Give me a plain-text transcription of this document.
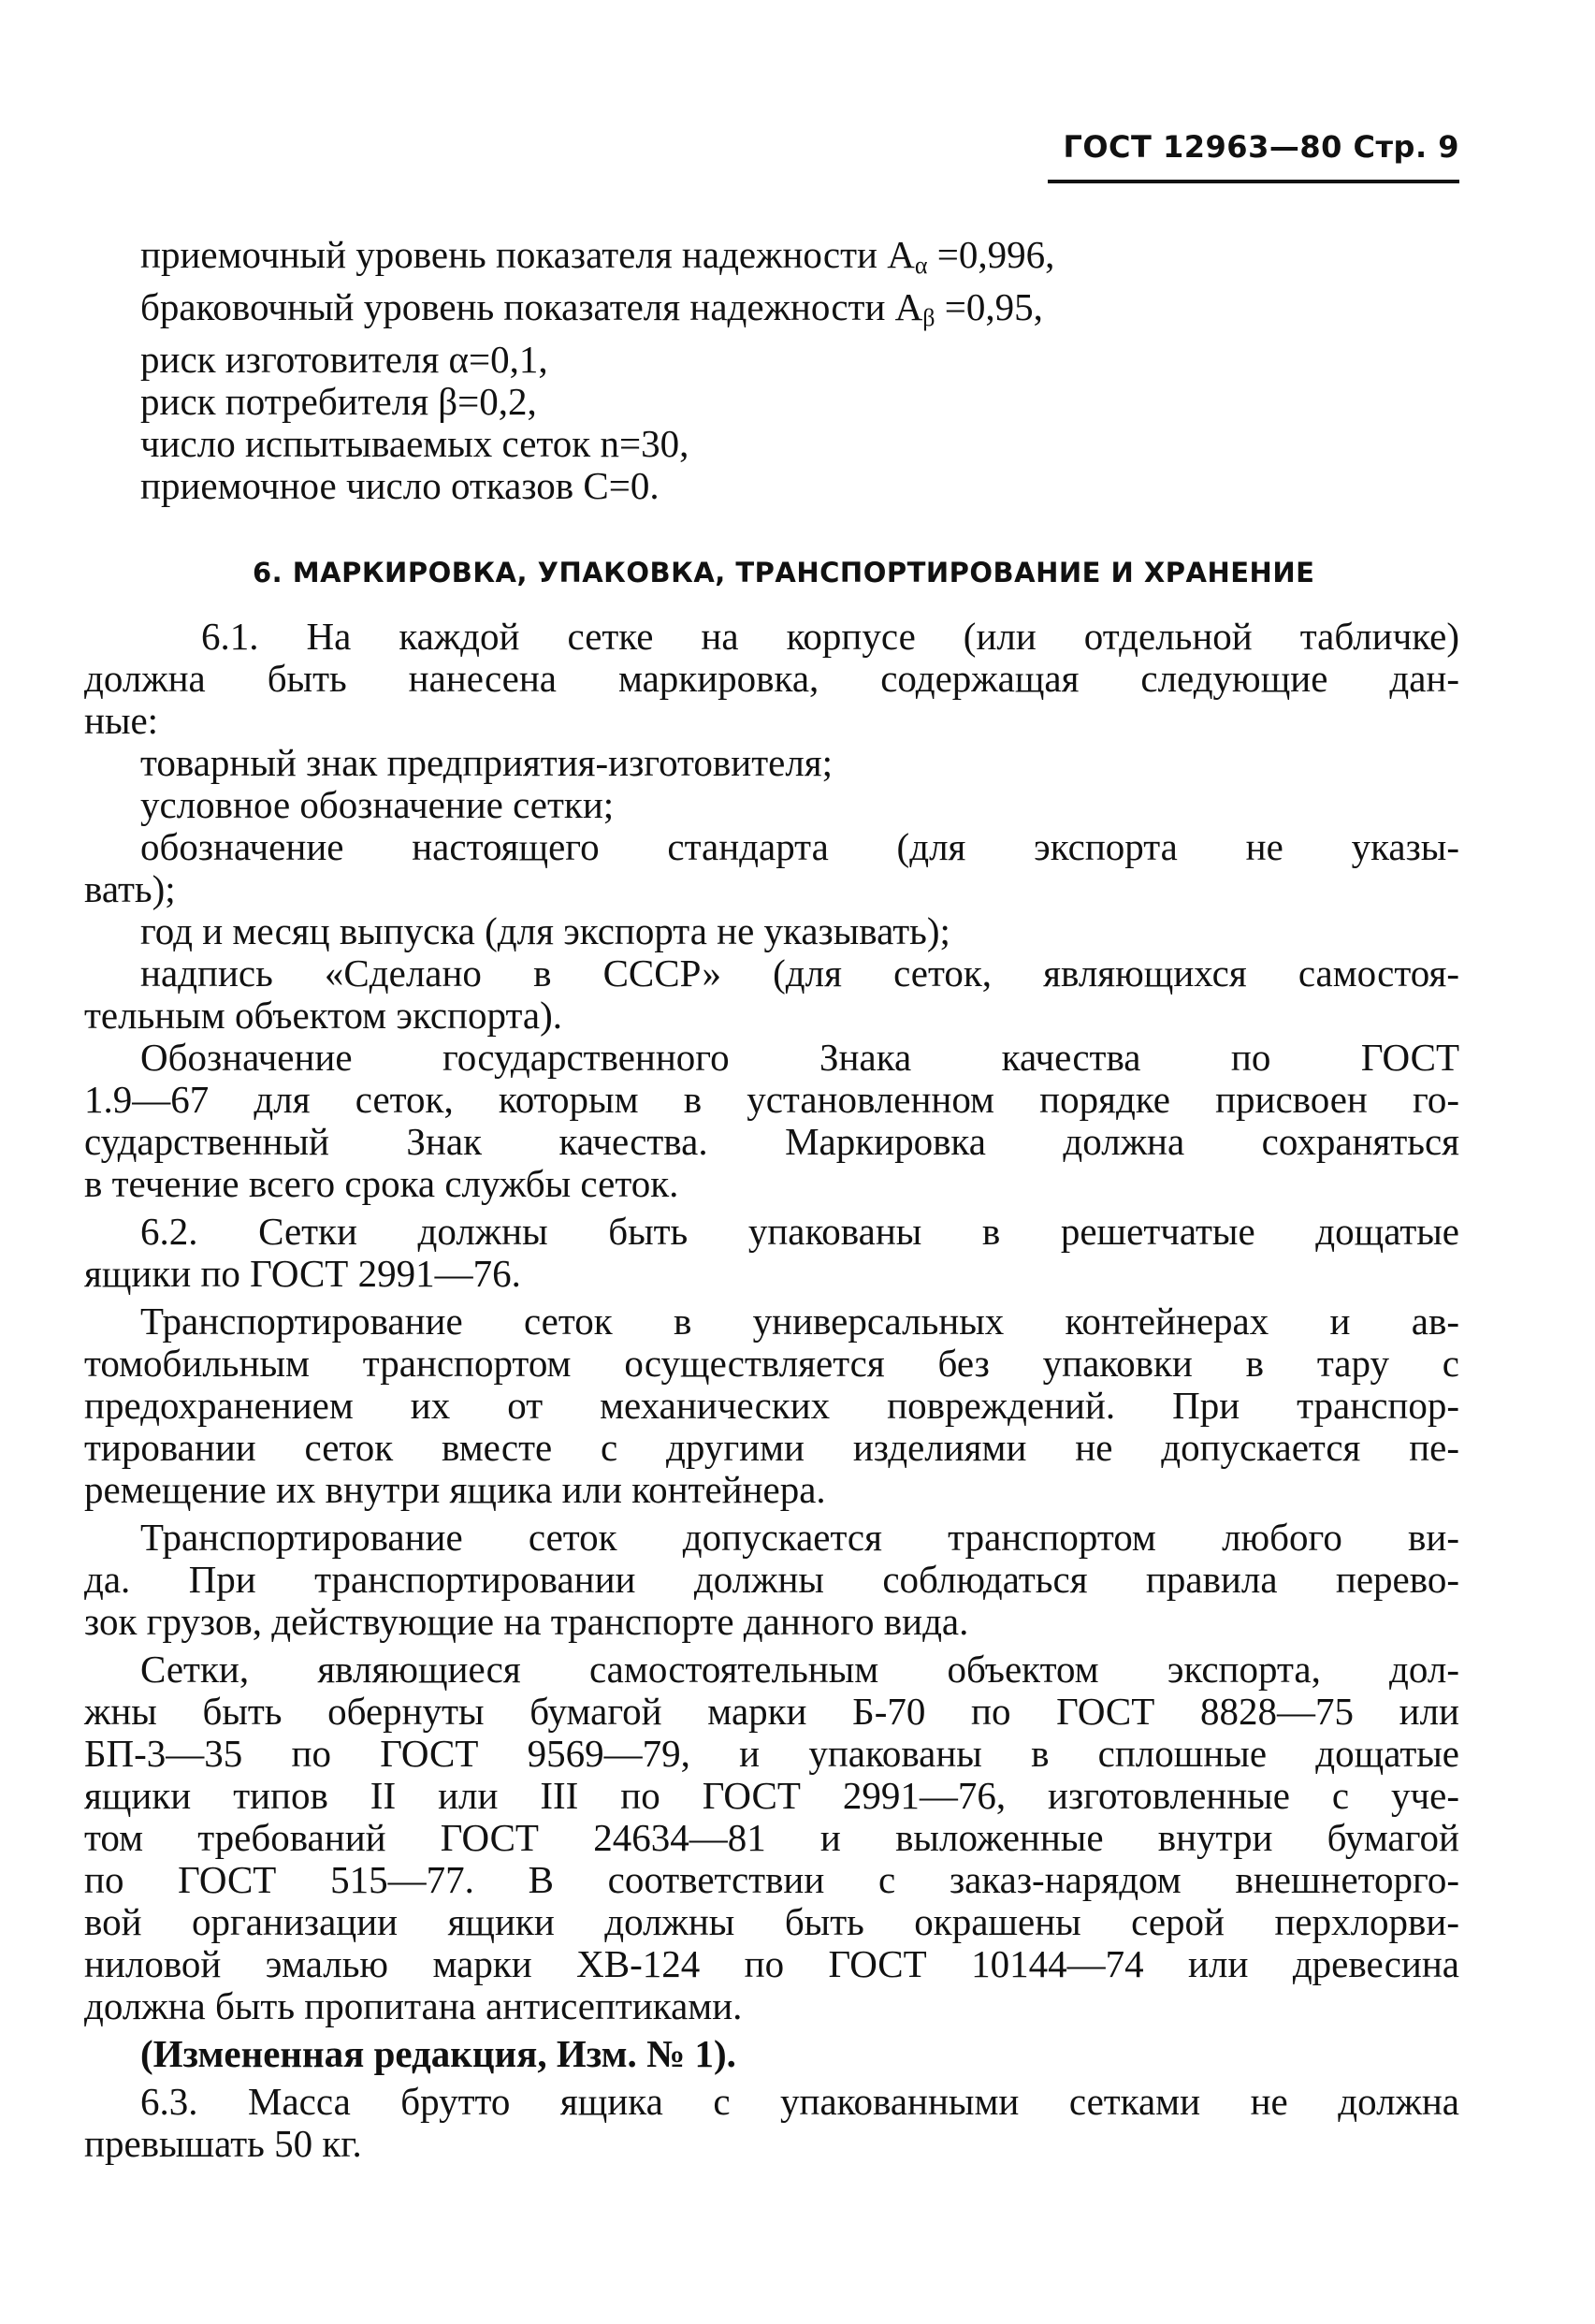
ГОСТ 12963—80 Стр. 9
приемочный уровень показателя надежности $A_\alpha =0,996$,
браковочный уровень показателя надежности $A_\beta =0,95$,
риск изготовителя α=0,1,
риск потребителя β=0,2,
число испытываемых сеток n=30,
приемочное число отказов C=0.
6. МАРКИРОВКА, УПАКОВКА, ТРАНСПОРТИРОВАНИЕ И ХРАНЕНИЕ
6.1. На каждой сетке на корпусе (или отдельной табличке)
должна быть нанесена маркировка, содержащая следующие дан-
ные:
товарный знак предприятия-изготовителя;
условное обозначение сетки;
обозначение настоящего стандарта (для экспорта не указы-
вать);
год и месяц выпуска (для экспорта не указывать);
надпись «Сделано в СССР» (для сеток, являющихся самостоя-
тельным объектом экспорта).
Обозначение государственного Знака качества по ГОСТ
1.9—67 для сеток, которым в установленном порядке присвоен го-
сударственный Знак качества. Маркировка должна сохраняться
в течение всего срока службы сеток.
6.2. Сетки должны быть упакованы в решетчатые дощатые
ящики по ГОСТ 2991—76.
Транспортирование сеток в универсальных контейнерах и ав-
томобильным транспортом осуществляется без упаковки в тару с
предохранением их от механических повреждений. При транспор-
тировании сеток вместе с другими изделиями не допускается пе-
ремещение их внутри ящика или контейнера.
Транспортирование сеток допускается транспортом любого ви-
да. При транспортировании должны соблюдаться правила перево-
зок грузов, действующие на транспорте данного вида.
Сетки, являющиеся самостоятельным объектом экспорта, дол-
жны быть обернуты бумагой марки Б-70 по ГОСТ 8828—75 или
БП-3—35 по ГОСТ 9569—79, и упакованы в сплошные дощатые
ящики типов II или III по ГОСТ 2991—76, изготовленные с уче-
том требований ГОСТ 24634—81 и выложенные внутри бумагой
по ГОСТ 515—77. В соответствии с заказ-нарядом внешнеторго-
вой организации ящики должны быть окрашены серой перхлорви-
ниловой эмалью марки ХВ-124 по ГОСТ 10144—74 или древесина
должна быть пропитана антисептиками.
(Измененная редакция, Изм. № 1).
6.3. Масса брутто ящика с упакованными сетками не должна
превышать 50 кг.
